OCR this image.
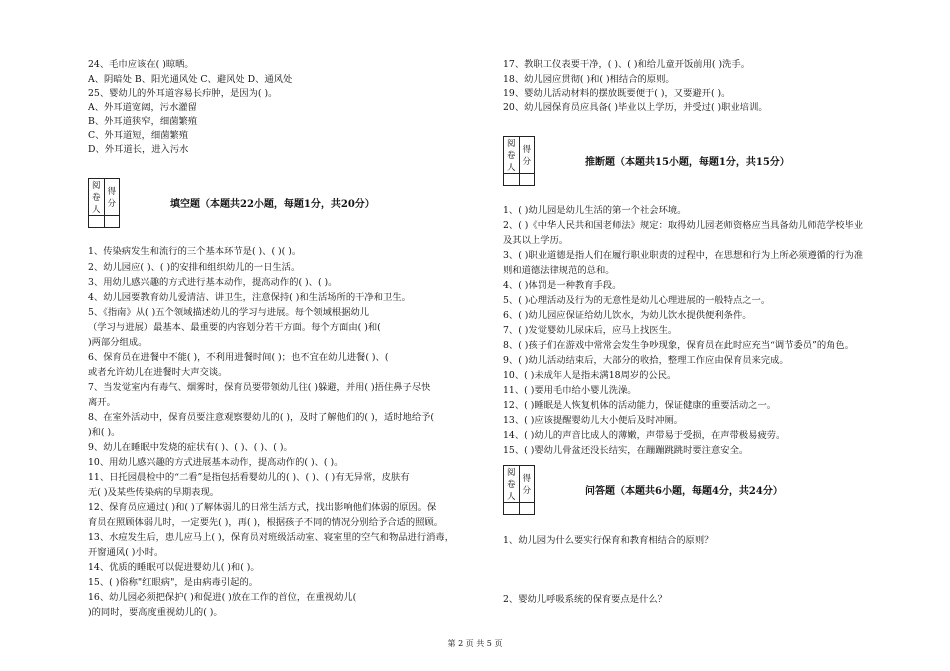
24、毛巾应该在( )晾晒。
A、阴暗处 B、阳光通风处 C、避风处 D、通风处
25、婴幼儿的外耳道容易长疖肿，是因为( )。
A、外耳道宽阔，污水灌留
B、外耳道狭窄，细菌繁殖
C、外耳道短，细菌繁殖
D、外耳道长，进入污水
阅卷人	得分
		填空题（本题共22小题，每题1分，共20分）
1、传染病发生和流行的三个基本环节是( )、( )( )。
2、幼儿园应( )、( )的安排和组织幼儿的一日生活。
3、用幼儿感兴趣的方式进行基本动作，提高动作的( )、( )。
4、幼儿园要教育幼儿爱清洁、讲卫生，注意保持( )和生活场所的干净和卫生。
5、《指南》从( )五个领域描述幼儿的学习与进展。每个领域根据幼儿
（学习与进展）最基本、最重要的内容划分若干方面。每个方面由( )和(
)两部分组成。
6、保育员在进餐中不能( )，不利用进餐时间( )；也不宜在幼儿进餐( )、(
或者允许幼儿在进餐时大声交谈。
7、当发觉室内有毒气、烟雾时，保育员要带领幼儿往( )躲避，并用( )捂住鼻子尽快
离开。
8、在室外活动中，保育员要注意观察婴幼儿的( )，及时了解他们的( )，适时地给予(
)和( )。
9、幼儿在睡眠中发烧的症状有( )、( )、( )、( )。
10、用幼儿感兴趣的方式进展基本动作，提高动作的( )、( )。
11、日托园晨检中的“二看”是指包括看婴幼儿的( )、( )、( )有无异常，皮肤有
无( )及某些传染病的早期表现。
12、保育员应通过( )和( )了解体弱儿的日常生活方式，找出影响他们体弱的原因。保
育员在照顾体弱儿时，一定要先( )，再( )，根据孩子不同的情况分别给予合适的照顾。
13、水痘发生后，患儿应马上( )，保育员对班级活动室、寝室里的空气和物品进行消毒，
开窗通风( )小时。
14、优质的睡眠可以促进婴幼儿( )和( )。
15、( )俗称"红眼病"，是由病毒引起的。
16、幼儿园必须把保护( )和促进( )放在工作的首位，在重视幼儿(
)的同时，要高度重视幼儿的( )。
17、教职工仪表要干净，( )、( )和给儿童开饭前用( )洗手。
18、幼儿园应贯彻( )和( )相结合的原则。
19、婴幼儿活动材料的摆放既要便于( )，又要避开( )。
20、幼儿园保育员应具备( )毕业以上学历，并受过( )职业培训。
阅卷人	得分
		推断题（本题共15小题，每题1分，共15分）
1、( )幼儿园是幼儿生活的第一个社会环境。
2、( )《中华人民共和国老师法》规定：取得幼儿园老师资格应当具备幼儿师范学校毕业
及其以上学历。
3、( )职业道德是指人们在履行职业职责的过程中，在思想和行为上所必须遵循的行为准
则和道德法律规范的总和。
4、( )体罚是一种教育手段。
5、( )心理活动及行为的无意性是幼儿心理进展的一般特点之一。
6、( )幼儿园应保证给幼儿饮水，为幼儿饮水提供便利条件。
7、( )发觉婴幼儿尿床后，应马上找医生。
8、( )孩子们在游戏中常常会发生争吵现象，保育员在此时应充当“调节委员”的角色。
9、( )幼儿活动结束后，大部分的收拾，整理工作应由保育员来完成。
10、( )未成年人是指未满18周岁的公民。
11、( )要用毛巾给小婴儿洗澡。
12、( )睡眠是人恢复机体的活动能力，保证健康的重要活动之一。
13、( )应该提醒婴幼儿大小便后及时冲厕。
14、( )幼儿的声音比成人的薄嫩，声带易于受损，在声带极易疲劳。
15、( )婴幼儿骨盆还没长结实，在蹦蹦跳跳时要注意安全。
阅卷人	得分
		问答题（本题共6小题，每题4分，共24分）
1、幼儿园为什么要实行保育和教育相结合的原则？
2、婴幼儿呼吸系统的保育要点是什么？
第 2 页 共 5 页
